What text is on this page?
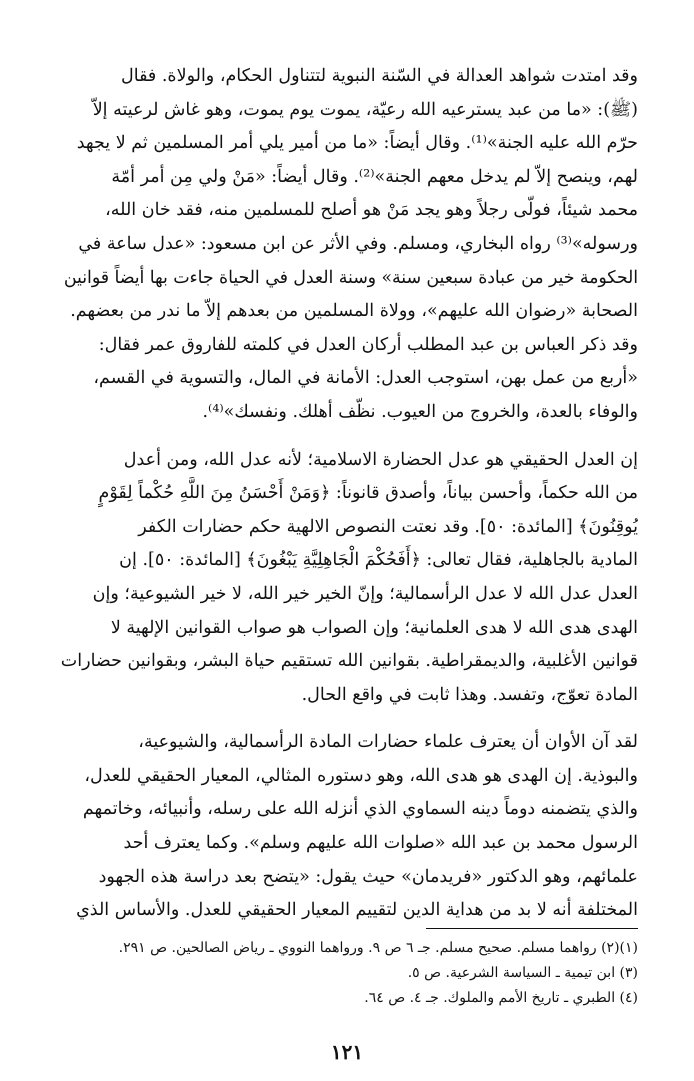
وقد امتدت شواهد العدالة في السّنة النبوية لتتناول الحكام، والولاة. فقال
(ﷺ): «ما من عبد يسترعيه الله رعيّة، يموت يوم يموت، وهو غاش لرعيته إلاّ
حرّم الله عليه الجنة»⁽¹⁾. وقال أيضاً: «ما من أمير يلي أمر المسلمين ثم لا يجهد
لهم، وينصح إلاّ لم يدخل معهم الجنة»⁽²⁾. وقال أيضاً: «مَنْ ولي مِن أمر أمّة
محمد شيئاً، فولّى رجلاً وهو يجد مَنْ هو أصلح للمسلمين منه، فقد خان الله،
ورسوله»⁽³⁾ رواه البخاري، ومسلم. وفي الأثر عن ابن مسعود: «عدل ساعة في
الحكومة خير من عبادة سبعين سنة» وسنة العدل في الحياة جاءت بها أيضاً قوانين
الصحابة «رضوان الله عليهم»، وولاة المسلمين من بعدهم إلاّ ما ندر من بعضهم.
وقد ذكر العباس بن عبد المطلب أركان العدل في كلمته للفاروق عمر فقال:
«أربع من عمل بهن، استوجب العدل: الأمانة في المال، والتسوية في القسم،
والوفاء بالعدة، والخروج من العيوب. نظّف أهلك. ونفسك»⁽⁴⁾.
إن العدل الحقيقي هو عدل الحضارة الاسلامية؛ لأنه عدل الله، ومن أعدل
من الله حكماً، وأحسن بياناً، وأصدق قانوناً: ﴿وَمَنْ أَحْسَنُ مِنَ اللَّهِ حُكْماً لِقَوْمٍ
يُوقِنُونَ﴾ [المائدة: ٥٠]. وقد نعتت النصوص الالهية حكم حضارات الكفر
المادية بالجاهلية، فقال تعالى: ﴿أَفَحُكْمَ الْجَاهِلِيَّةِ يَبْغُونَ﴾ [المائدة: ٥٠]. إن
العدل عدل الله لا عدل الرأسمالية؛ وإنّ الخير خير الله، لا خير الشيوعية؛ وإن
الهدى هدى الله لا هدى العلمانية؛ وإن الصواب هو صواب القوانين الإلهية لا
قوانين الأغلبية، والديمقراطية. بقوانين الله تستقيم حياة البشر، وبقوانين حضارات
المادة تعوّج، وتفسد. وهذا ثابت في واقع الحال.
لقد آن الأوان أن يعترف علماء حضارات المادة الرأسمالية، والشيوعية،
والبوذية. إن الهدى هو هدى الله، وهو دستوره المثالي، المعيار الحقيقي للعدل،
والذي يتضمنه دوماً دينه السماوي الذي أنزله الله على رسله، وأنبيائه، وخاتمهم
الرسول محمد بن عبد الله «صلوات الله عليهم وسلم». وكما يعترف أحد
علمائهم، وهو الدكتور «فريدمان» حيث يقول: «يتضح بعد دراسة هذه الجهود
المختلفة أنه لا بد من هداية الدين لتقييم المعيار الحقيقي للعدل. والأساس الذي
(١)(٢) رواهما مسلم. صحيح مسلم. جـ ٦ ص ٩. ورواهما النووي ـ رياض الصالحين. ص ٢٩١.
(٣) ابن تيمية ـ السياسة الشرعية. ص ٥.
(٤) الطبري ـ تاريخ الأمم والملوك. جـ ٤. ص ٦٤.
١٢١
